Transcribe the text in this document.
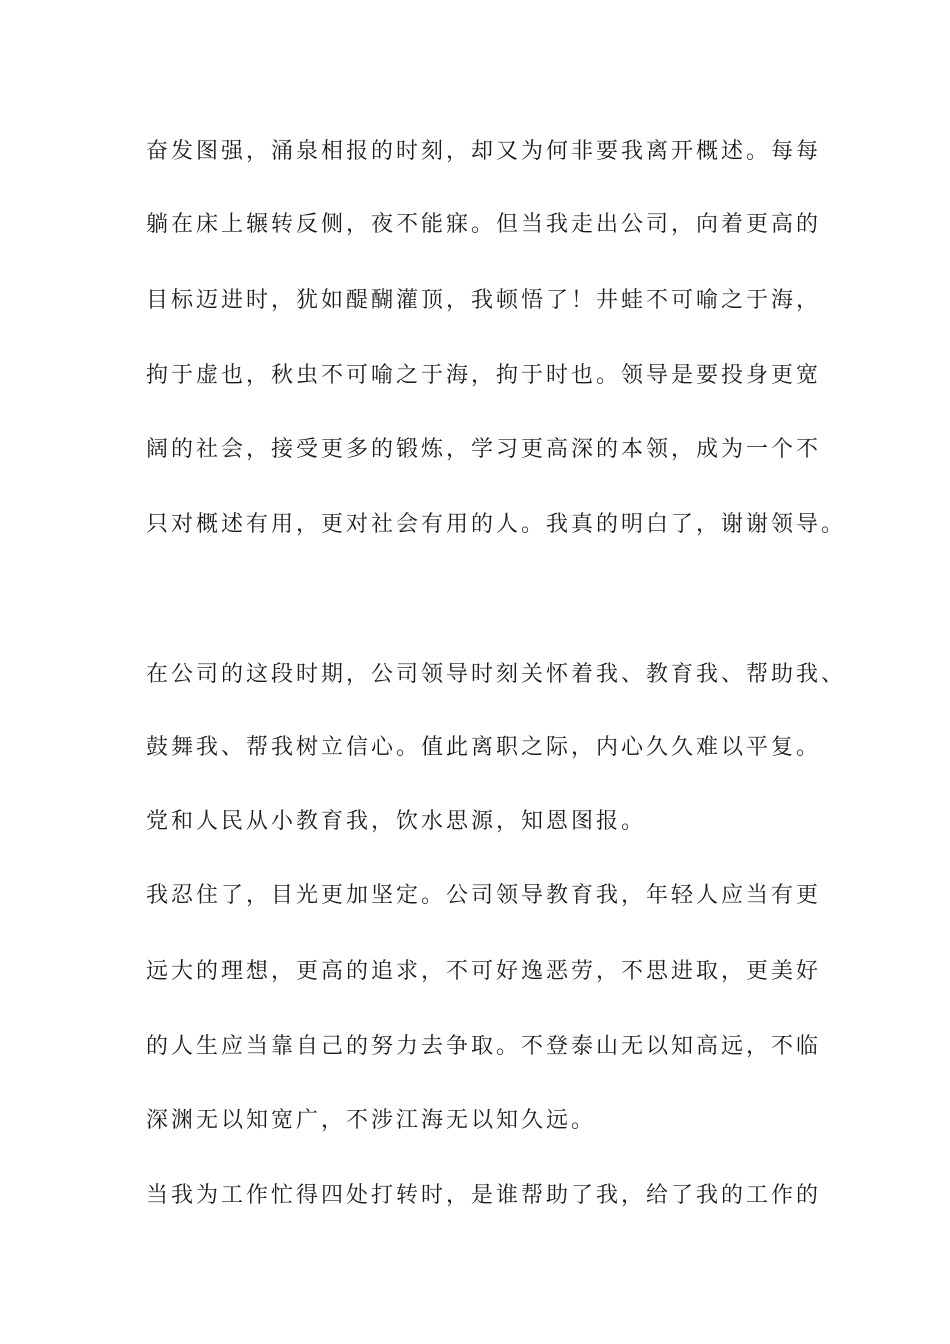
奋发图强，涌泉相报的时刻，却又为何非要我离开概述。每每
躺在床上辗转反侧，夜不能寐。但当我走出公司，向着更高的
目标迈进时，犹如醍醐灌顶，我顿悟了！井蛙不可喻之于海，
拘于虚也，秋虫不可喻之于海，拘于时也。领导是要投身更宽
阔的社会，接受更多的锻炼，学习更高深的本领，成为一个不
只对概述有用，更对社会有用的人。我真的明白了，谢谢领导。
在公司的这段时期，公司领导时刻关怀着我、教育我、帮助我、
鼓舞我、帮我树立信心。值此离职之际，内心久久难以平复。
党和人民从小教育我，饮水思源，知恩图报。
我忍住了，目光更加坚定。公司领导教育我，年轻人应当有更
远大的理想，更高的追求，不可好逸恶劳，不思进取，更美好
的人生应当靠自己的努力去争取。不登泰山无以知高远，不临
深渊无以知宽广，不涉江海无以知久远。
当我为工作忙得四处打转时，是谁帮助了我，给了我的工作的
